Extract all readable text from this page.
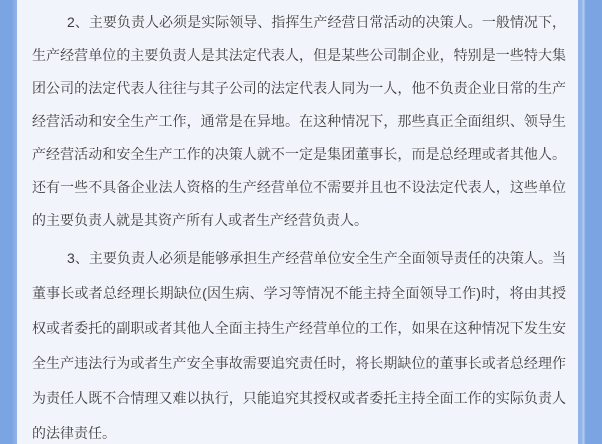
2、主要负责人必须是实际领导、指挥生产经营日常活动的决策人。一般情况下，生产经营单位的主要负责人是其法定代表人，但是某些公司制企业，特别是一些特大集团公司的法定代表人往往与其子公司的法定代表人同为一人，他不负责企业日常的生产经营活动和安全生产工作，通常是在异地。在这种情况下，那些真正全面组织、领导生产经营活动和安全生产工作的决策人就不一定是集团董事长，而是总经理或者其他人。还有一些不具备企业法人资格的生产经营单位不需要并且也不设法定代表人，这些单位的主要负责人就是其资产所有人或者生产经营负责人。

3、主要负责人必须是能够承担生产经营单位安全生产全面领导责任的决策人。当董事长或者总经理长期缺位(因生病、学习等情况不能主持全面领导工作)时，将由其授权或者委托的副职或者其他人全面主持生产经营单位的工作，如果在这种情况下发生安全生产违法行为或者生产安全事故需要追究责任时，将长期缺位的董事长或者总经理作为责任人既不合情理又难以执行，只能追究其授权或者委托主持全面工作的实际负责人的法律责任。
